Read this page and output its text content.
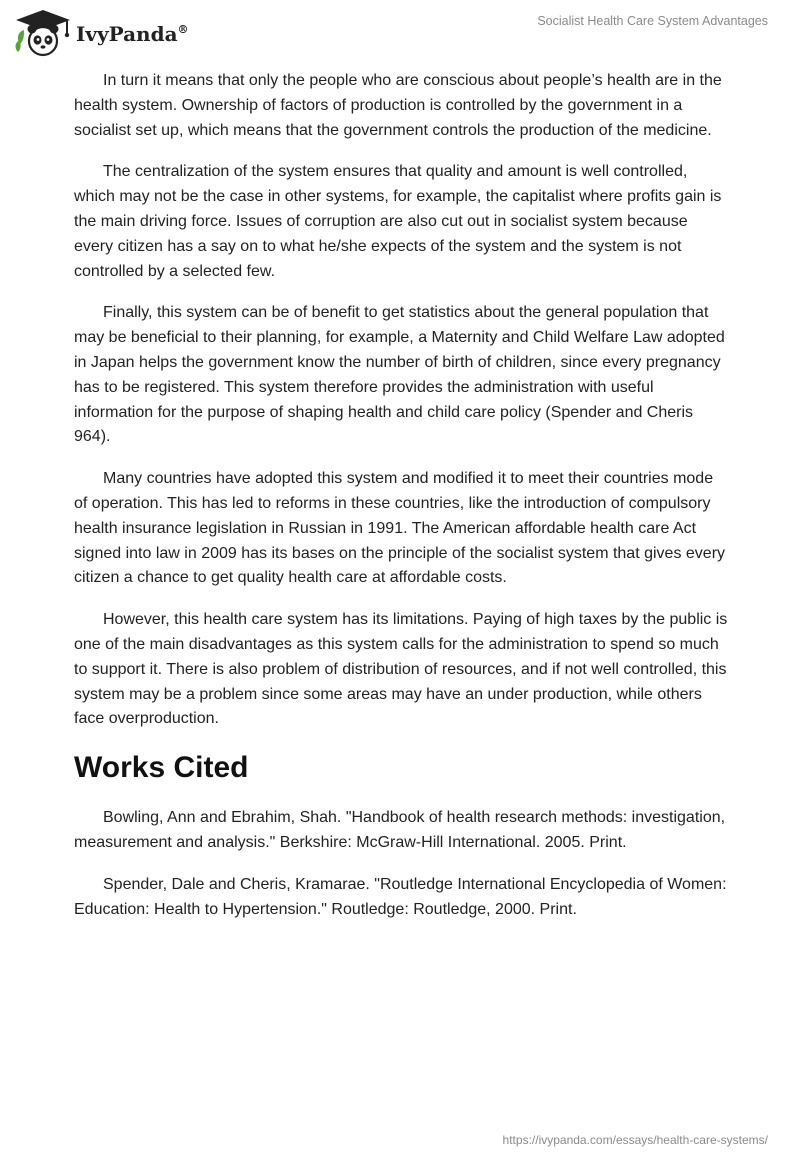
IvyPanda®
Socialist Health Care System Advantages

In turn it means that only the people who are conscious about people’s health are in the health system. Ownership of factors of production is controlled by the government in a socialist set up, which means that the government controls the production of the medicine.

The centralization of the system ensures that quality and amount is well controlled, which may not be the case in other systems, for example, the capitalist where profits gain is the main driving force. Issues of corruption are also cut out in socialist system because every citizen has a say on to what he/she expects of the system and the system is not controlled by a selected few.

Finally, this system can be of benefit to get statistics about the general population that may be beneficial to their planning, for example, a Maternity and Child Welfare Law adopted in Japan helps the government know the number of birth of children, since every pregnancy has to be registered. This system therefore provides the administration with useful information for the purpose of shaping health and child care policy (Spender and Cheris 964).

Many countries have adopted this system and modified it to meet their countries mode of operation. This has led to reforms in these countries, like the introduction of compulsory health insurance legislation in Russian in 1991. The American affordable health care Act signed into law in 2009 has its bases on the principle of the socialist system that gives every citizen a chance to get quality health care at affordable costs.

However, this health care system has its limitations. Paying of high taxes by the public is one of the main disadvantages as this system calls for the administration to spend so much to support it. There is also problem of distribution of resources, and if not well controlled, this system may be a problem since some areas may have an under production, while others face overproduction.

Works Cited

Bowling, Ann and Ebrahim, Shah. "Handbook of health research methods: investigation, measurement and analysis." Berkshire: McGraw-Hill International. 2005. Print.

Spender, Dale and Cheris, Kramarae. "Routledge International Encyclopedia of Women: Education: Health to Hypertension." Routledge: Routledge, 2000. Print.

https://ivypanda.com/essays/health-care-systems/
